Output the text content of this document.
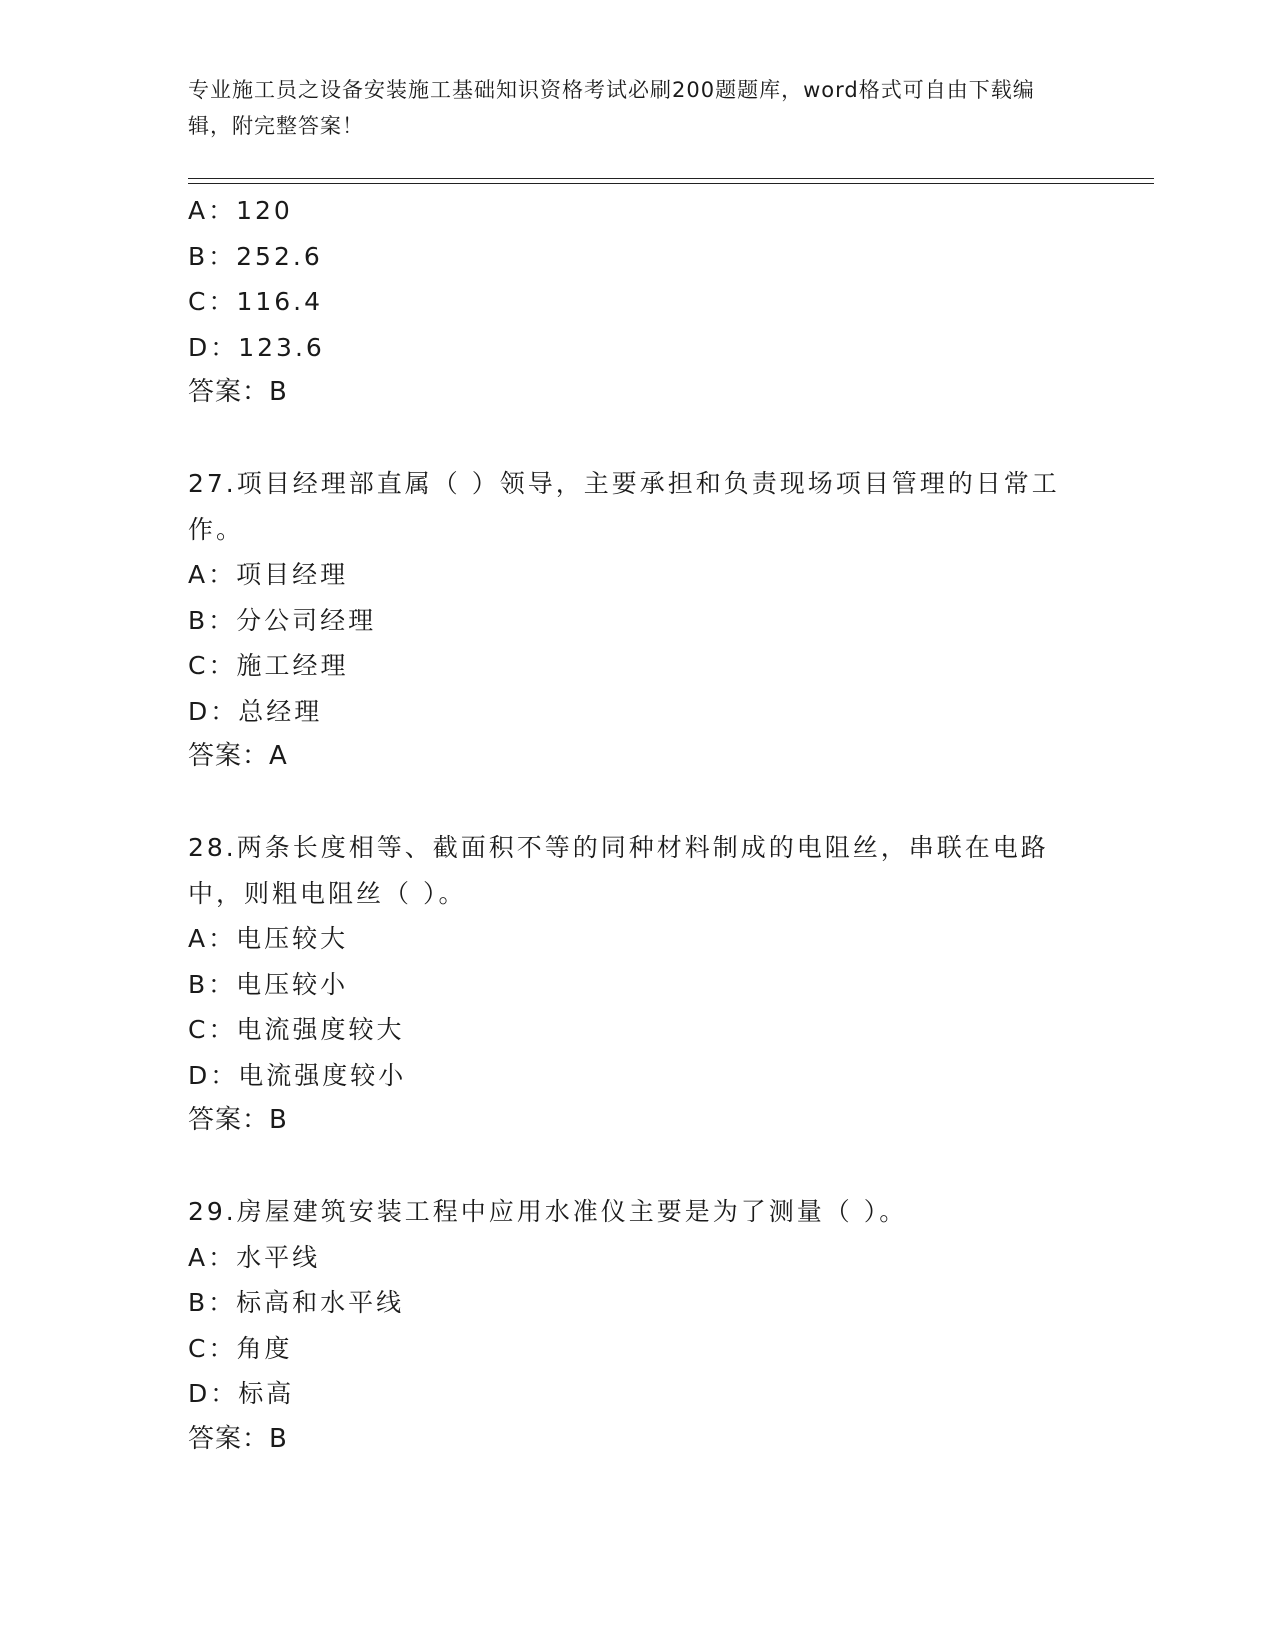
专业施工员之设备安装施工基础知识资格考试必刷200题题库，word格式可自由下载编辑，附完整答案！
A：120
B：252.6
C：116.4
D：123.6
答案：B
27.项目经理部直属（ ）领导，主要承担和负责现场项目管理的日常工作。
A：项目经理
B：分公司经理
C：施工经理
D：总经理
答案：A
28.两条长度相等、截面积不等的同种材料制成的电阻丝，串联在电路中，则粗电阻丝（ ）。
A：电压较大
B：电压较小
C：电流强度较大
D：电流强度较小
答案：B
29.房屋建筑安装工程中应用水准仪主要是为了测量（ ）。
A：水平线
B：标高和水平线
C：角度
D：标高
答案：B
